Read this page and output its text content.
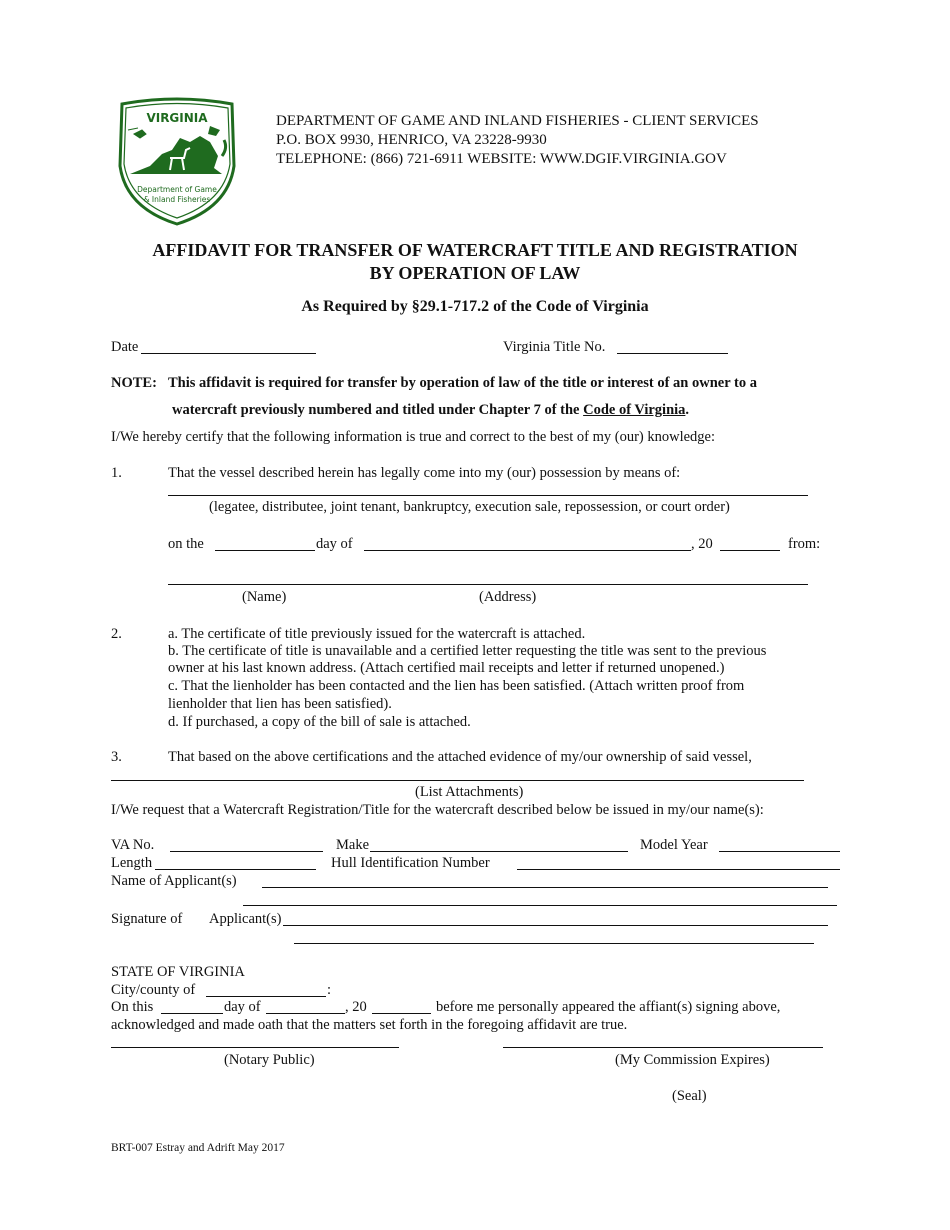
VIRGINIA
Department of Game
& Inland Fisheries
DEPARTMENT OF GAME AND INLAND FISHERIES - CLIENT SERVICES
P.O. BOX 9930, HENRICO, VA 23228-9930
TELEPHONE: (866) 721-6911 WEBSITE: WWW.DGIF.VIRGINIA.GOV
AFFIDAVIT FOR TRANSFER OF WATERCRAFT TITLE AND REGISTRATION
BY OPERATION OF LAW
As Required by §29.1-717.2 of the Code of Virginia
Date	Virginia Title No.
NOTE: This affidavit is required for transfer by operation of law of the title or interest of an owner to a
watercraft previously numbered and titled under Chapter 7 of the Code of Virginia.
I/We hereby certify that the following information is true and correct to the best of my (our) knowledge:
1.	That the vessel described herein has legally come into my (our) possession by means of:
(legatee, distributee, joint tenant, bankruptcy, execution sale, repossession, or court order)
on the	day of	, 20	from:
(Name)	(Address)
2.	a. The certificate of title previously issued for the watercraft is attached.
b. The certificate of title is unavailable and a certified letter requesting the title was sent to the previous
owner at his last known address. (Attach certified mail receipts and letter if returned unopened.)
c. That the lienholder has been contacted and the lien has been satisfied. (Attach written proof from
lienholder that lien has been satisfied).
d. If purchased, a copy of the bill of sale is attached.
3.	That based on the above certifications and the attached evidence of my/our ownership of said vessel,
(List Attachments)
I/We request that a Watercraft Registration/Title for the watercraft described below be issued in my/our name(s):
VA No.	Make	Model Year
Length	Hull Identification Number
Name of Applicant(s)
Signature of Applicant(s)
STATE OF VIRGINIA
City/county of	:
On this	day of	, 20	before me personally appeared the affiant(s) signing above,
acknowledged and made oath that the matters set forth in the foregoing affidavit are true.
(Notary Public)	(My Commission Expires)
(Seal)
BRT-007 Estray and Adrift May 2017
